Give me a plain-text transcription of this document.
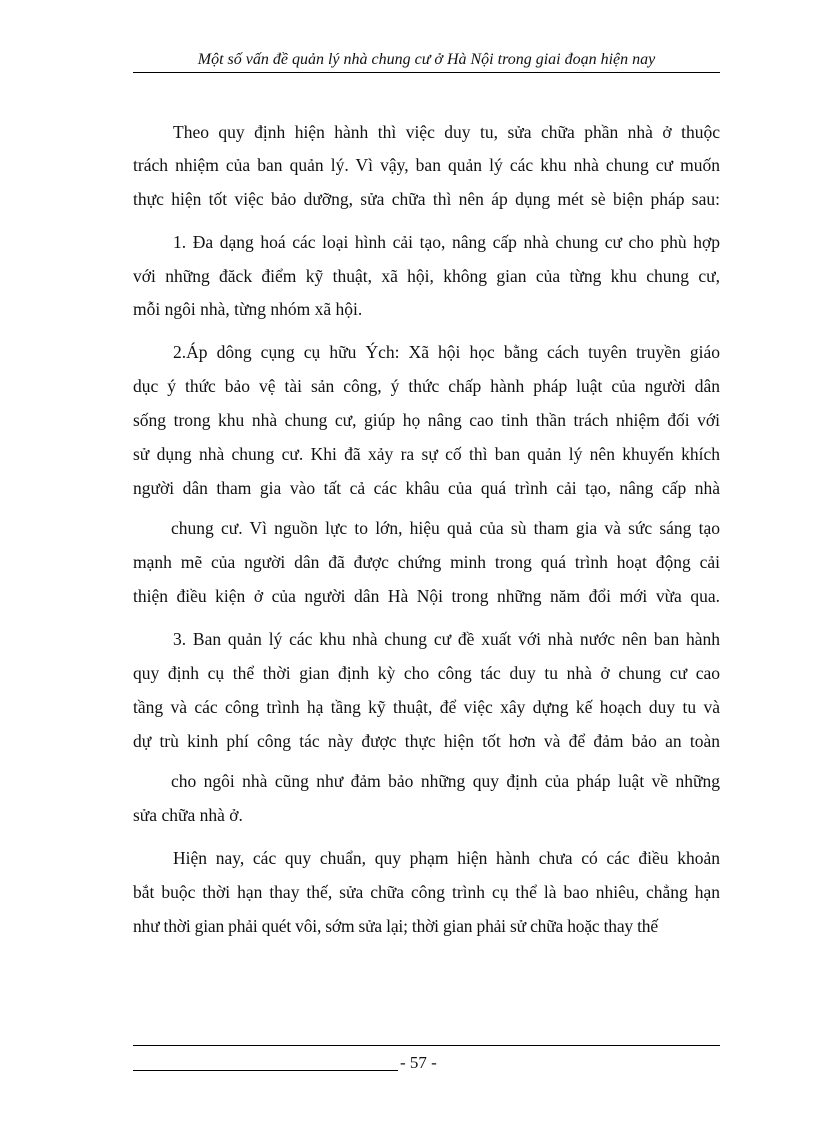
Một số vấn đề quản lý nhà chung cư ở Hà Nội trong giai đoạn hiện nay
Theo quy định hiện hành thì việc duy tu, sửa chữa phần nhà ở thuộc
trách nhiệm của ban quản lý. Vì vậy, ban quản lý các khu nhà chung cư muốn
thực hiện tốt việc bảo dưỡng, sửa chữa thì nên áp dụng mét sè biện pháp sau:
1. Đa dạng hoá các loại hình cải tạo, nâng cấp nhà chung cư cho phù hợp
với những đăck điểm kỹ thuật, xã hội, không gian của từng khu chung cư,
mỗi ngôi nhà, từng nhóm xã hội.
2.Áp dông cụng cụ hữu Ých: Xã hội học bằng cách tuyên truyền giáo
dục ý thức bảo vệ tài sản công, ý thức chấp hành pháp luật của người dân
sống trong khu nhà chung cư, giúp họ nâng cao tinh thần trách nhiệm đối với
sử dụng nhà chung cư. Khi đã xảy ra sự cố thì ban quản lý nên khuyến khích
người dân tham gia vào tất cả các khâu của quá trình cải tạo, nâng cấp nhà
chung cư. Vì nguồn lực to lớn, hiệu quả của sù tham gia và sức sáng tạo
mạnh mẽ của người dân đã được chứng minh trong quá trình hoạt động cải
thiện điều kiện ở của người dân Hà Nội trong những năm đổi mới vừa qua.
3. Ban quản lý các khu nhà chung cư đề xuất với nhà nước nên ban hành
quy định cụ thể thời gian định kỳ cho công tác duy tu nhà ở chung cư cao
tầng và các công trình hạ tầng kỹ thuật, để việc xây dựng kế hoạch duy tu và
dự trù kinh phí công tác này được thực hiện tốt hơn và để đảm bảo an toàn
cho ngôi nhà cũng như đảm bảo những quy định của pháp luật về những
sửa chữa nhà ở.
Hiện nay, các quy chuẩn, quy phạm hiện hành chưa có các điều khoản
bắt buộc thời hạn thay thế, sửa chữa công trình cụ thể là bao nhiêu, chẳng hạn
như thời gian phải quét vôi, sớm sửa lại; thời gian phải sử chữa hoặc thay thế
- 57 -
